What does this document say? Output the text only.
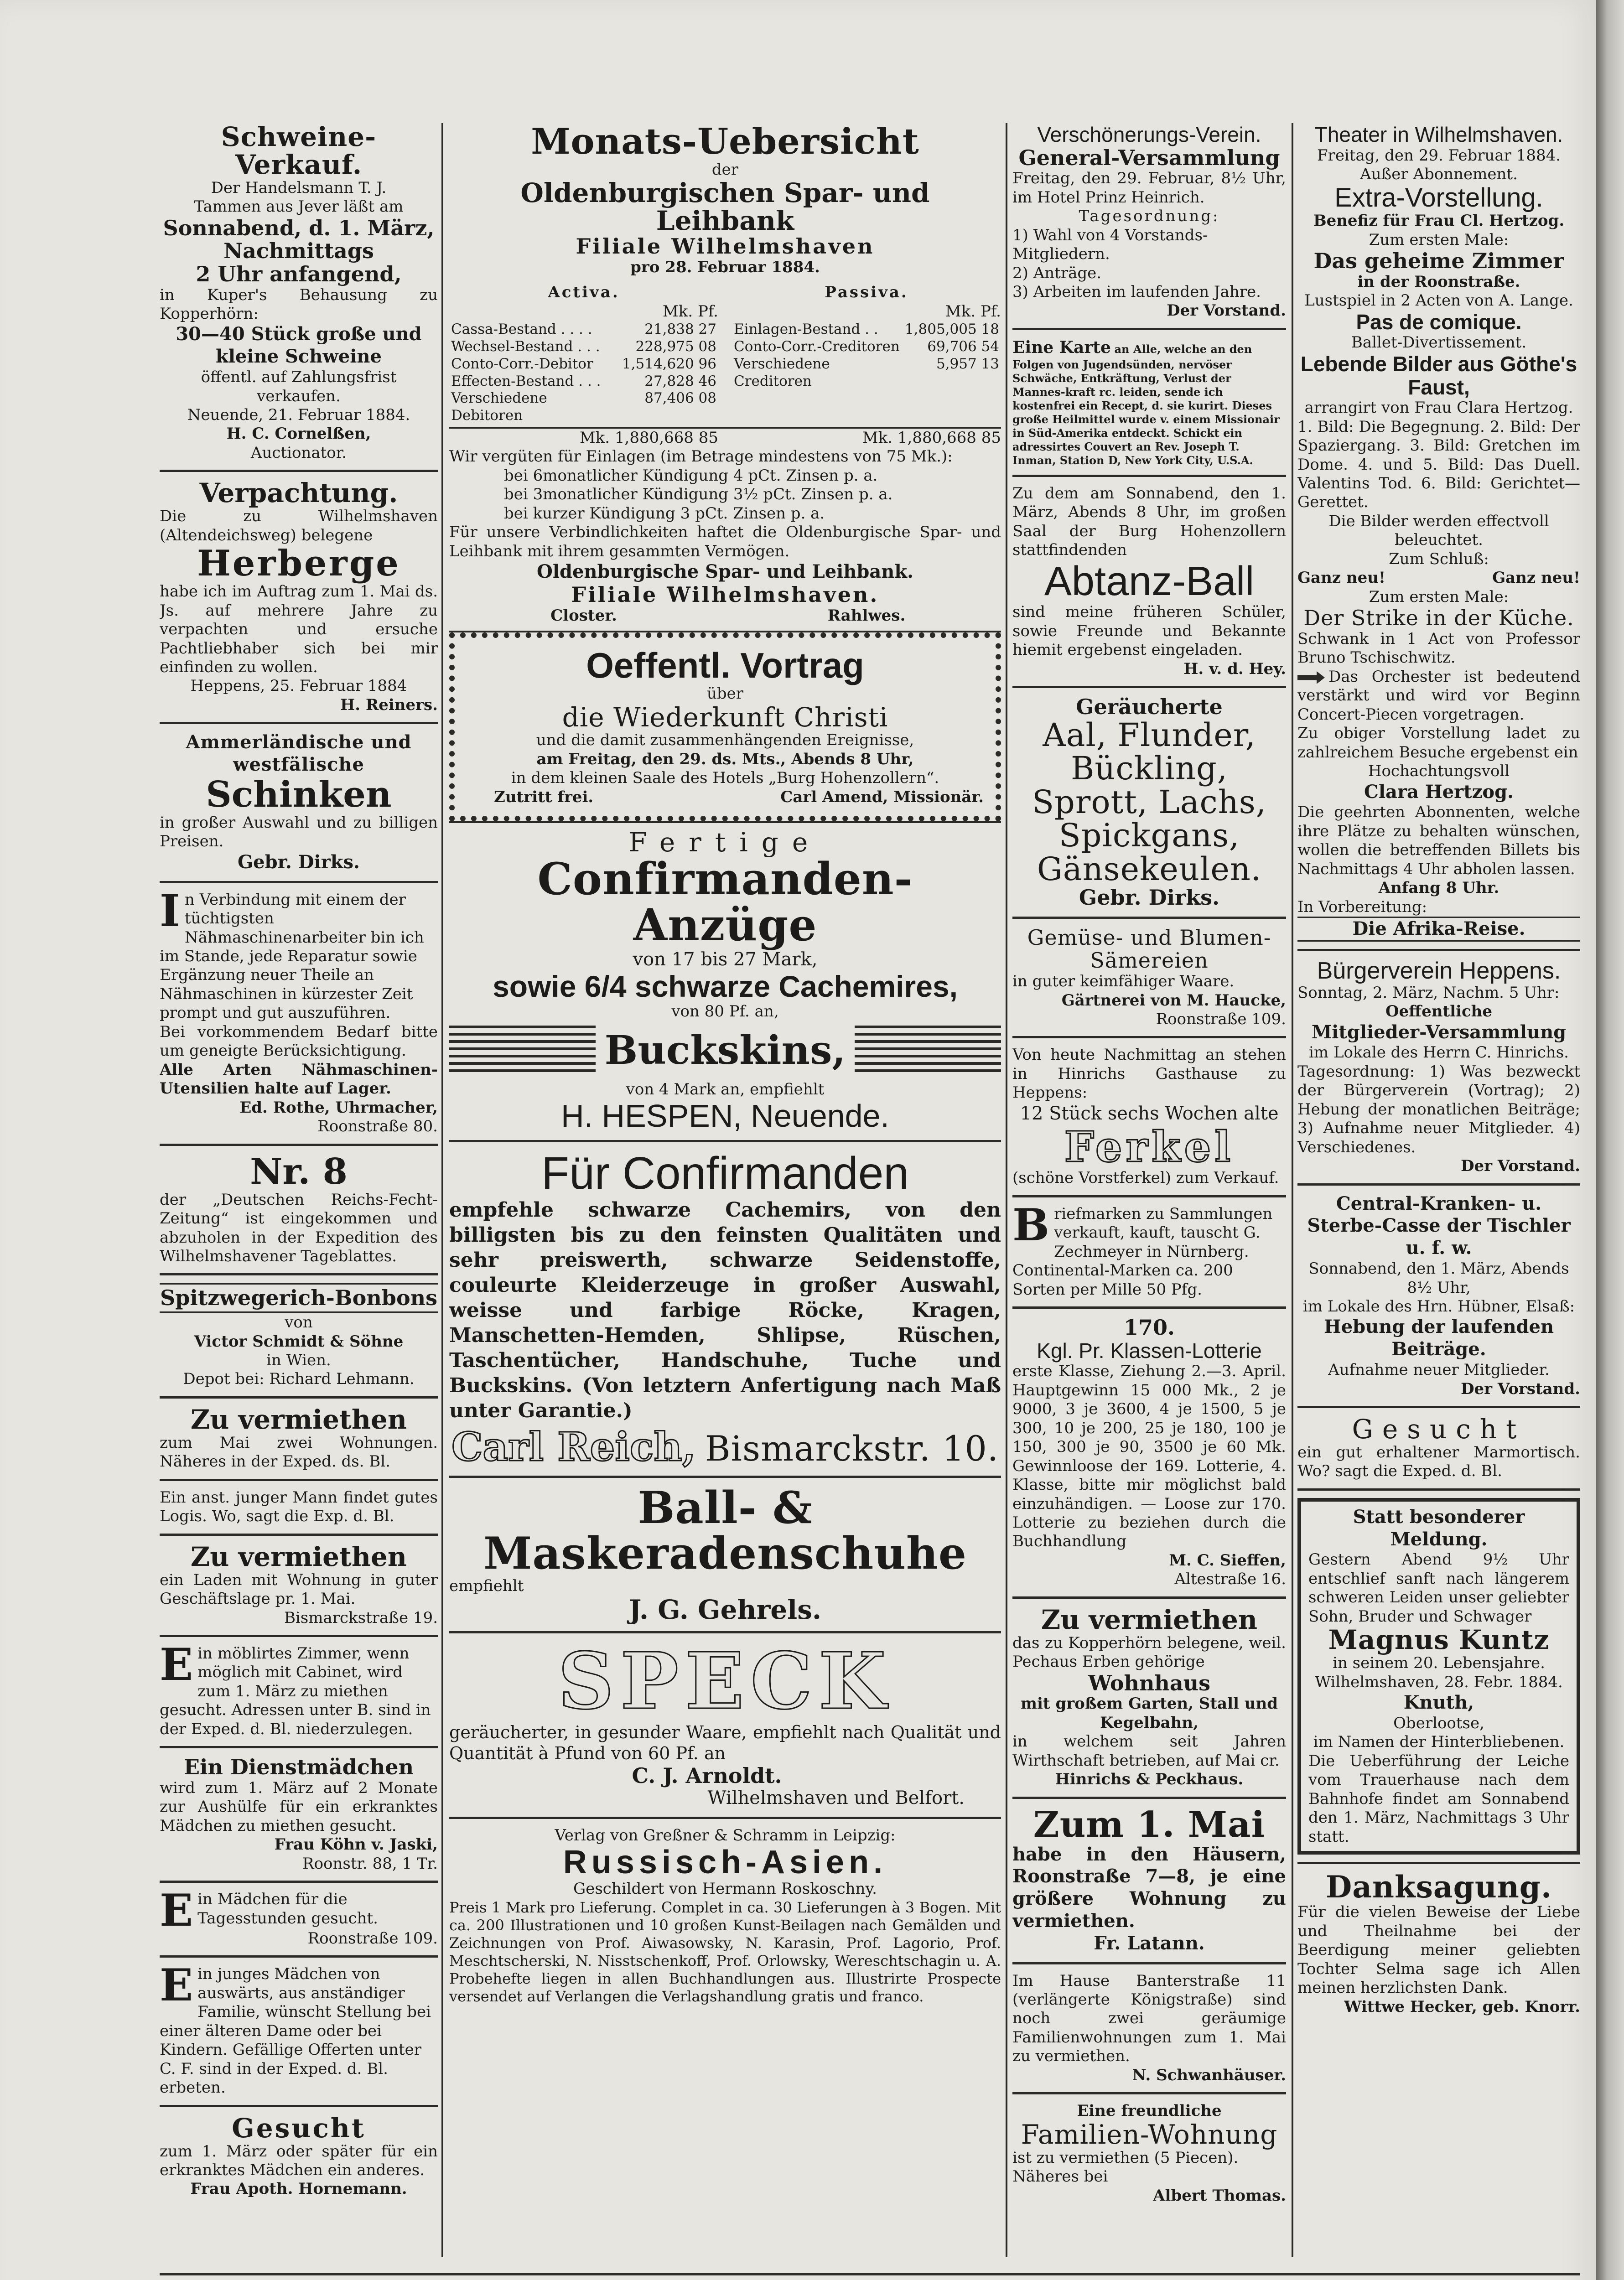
Schweine-Verkauf.
Der Handelsmann T. J.
Tammen aus Jever läßt am
Sonnabend, d. 1. März,
Nachmittags
2 Uhr anfangend,
in Kuper's Behausung zu Kopperhörn:
30—40 Stück große und kleine Schweine
öffentl. auf Zahlungsfrist verkaufen.
Neuende, 21. Februar 1884.
H. C. Cornelßen,
Auctionator.
Verpachtung.
Die zu Wilhelmshaven (Altendeichsweg) belegene
Herberge
habe ich im Auftrag zum 1. Mai ds. Js. auf mehrere Jahre zu verpachten und ersuche Pachtliebhaber sich bei mir einfinden zu wollen.
Heppens, 25. Februar 1884
H. Reiners.
Ammerländische und westfälische
Schinken
in großer Auswahl und zu billigen Preisen.
Gebr. Dirks.
I n Verbindung mit einem der tüchtigsten Nähmaschinenarbeiter bin ich im Stande, jede Reparatur sowie Ergänzung neuer Theile an Nähmaschinen in kürzester Zeit prompt und gut auszuführen.
Bei vorkommendem Bedarf bitte um geneigte Berücksichtigung.
Alle Arten Nähmaschinen-Utensilien halte auf Lager.
Ed. Rothe, Uhrmacher,
Roonstraße 80.
Nr. 8
der „Deutschen Reichs-Fecht-Zeitung“ ist eingekommen und abzuholen in der Expedition des Wilhelmshavener Tageblattes.
Spitzwegerich-Bonbons
von
Victor Schmidt & Söhne
in Wien.
Depot bei: Richard Lehmann.
Zu vermiethen
zum Mai zwei Wohnungen. Näheres in der Exped. ds. Bl.
Ein anst. junger Mann findet gutes Logis. Wo, sagt die Exp. d. Bl.
Zu vermiethen
ein Laden mit Wohnung in guter Geschäftslage pr. 1. Mai.
Bismarckstraße 19.
E in möblirtes Zimmer, wenn möglich mit Cabinet, wird zum 1. März zu miethen gesucht. Adressen unter B. sind in der Exped. d. Bl. niederzulegen.
Ein Dienstmädchen
wird zum 1. März auf 2 Monate zur Aushülfe für ein erkranktes Mädchen zu miethen gesucht.
Frau Köhn v. Jaski,
Roonstr. 88, 1 Tr.
E in Mädchen für die Tagesstunden gesucht.
Roonstraße 109.
E in junges Mädchen von auswärts, aus anständiger Familie, wünscht Stellung bei einer älteren Dame oder bei Kindern. Gefällige Offerten unter C. F. sind in der Exped. d. Bl. erbeten.
Gesucht
zum 1. März oder später für ein erkranktes Mädchen ein anderes.
Frau Apoth. Hornemann.
Monats-Uebersicht
der
Oldenburgischen Spar- und Leihbank
Filiale Wilhelmshaven
pro 28. Februar 1884.
Activa.
Mk. Pf.
Cassa-Bestand . . . .	21,838 27
Wechsel-Bestand . . .	228,975 08
Conto-Corr.-Debitor	1,514,620 96
Effecten-Bestand . . .	27,828 46
Verschiedene Debitoren	87,406 08
Passiva.
Mk. Pf.
Einlagen-Bestand . .	1,805,005 18
Conto-Corr.-Creditoren	69,706 54
Verschiedene Creditoren	5,957 13
Mk. 1,880,668 85	Mk. 1,880,668 85
Wir vergüten für Einlagen (im Betrage mindestens von 75 Mk.):
bei 6monatlicher Kündigung 4 pCt. Zinsen p. a.
bei 3monatlicher Kündigung 3½ pCt. Zinsen p. a.
bei kurzer Kündigung 3 pCt. Zinsen p. a.
Für unsere Verbindlichkeiten haftet die Oldenburgische Spar- und Leihbank mit ihrem gesammten Vermögen.
Oldenburgische Spar- und Leihbank.
Filiale Wilhelmshaven.
Closter.	Rahlwes.
Oeffentl. Vortrag
über
die Wiederkunft Christi
und die damit zusammenhängenden Ereignisse,
am Freitag, den 29. ds. Mts., Abends 8 Uhr,
in dem kleinen Saale des Hotels „Burg Hohenzollern“.
Zutritt frei.	Carl Amend, Missionär.
Fertige
Confirmanden-Anzüge
von 17 bis 27 Mark,
sowie 6/4 schwarze Cachemires,
von 80 Pf. an,
Buckskins,
von 4 Mark an, empfiehlt
H. HESPEN, Neuende.
Für Confirmanden
empfehle schwarze Cachemirs, von den billigsten bis zu den feinsten Qualitäten und sehr preiswerth, schwarze Seidenstoffe, couleurte Kleiderzeuge in großer Auswahl, weisse und farbige Röcke, Kragen, Manschetten-Hemden, Shlipse, Rüschen, Taschentücher, Handschuhe, Tuche und Buckskins. (Von letztern Anfertigung nach Maß unter Garantie.)
Carl Reich, Bismarckstr. 10.
Ball- & Maskeradenschuhe
empfiehlt
J. G. Gehrels.
SPECK
geräucherter, in gesunder Waare, empfiehlt nach Qualität und Quantität à Pfund von 60 Pf. an
C. J. Arnoldt.
Wilhelmshaven und Belfort.
Verlag von Greßner & Schramm in Leipzig:
Russisch-Asien.
Geschildert von Hermann Roskoschny.
Preis 1 Mark pro Lieferung. Complet in ca. 30 Lieferungen à 3 Bogen. Mit ca. 200 Illustrationen und 10 großen Kunst-Beilagen nach Gemälden und Zeichnungen von Prof. Aiwasowsky, N. Karasin, Prof. Lagorio, Prof. Meschtscherski, N. Nisstschenkoff, Prof. Orlowsky, Wereschtschagin u. A. Probehefte liegen in allen Buchhandlungen aus. Illustrirte Prospecte versendet auf Verlangen die Verlagshandlung gratis und franco.
Verschönerungs-Verein.
General-Versammlung
Freitag, den 29. Februar, 8½ Uhr, im Hotel Prinz Heinrich.
Tagesordnung:
1) Wahl von 4 Vorstands-Mitgliedern.
2) Anträge.
3) Arbeiten im laufenden Jahre.
Der Vorstand.
Eine Karte an Alle, welche an den Folgen von Jugendsünden, nervöser Schwäche, Entkräftung, Verlust der Mannes-kraft rc. leiden, sende ich kostenfrei ein Recept, d. sie kurirt. Dieses große Heilmittel wurde v. einem Missionair in Süd-Amerika entdeckt. Schickt ein adressirtes Couvert an Rev. Joseph T. Inman, Station D, New York City, U.S.A.
Zu dem am Sonnabend, den 1. März, Abends 8 Uhr, im großen Saal der Burg Hohenzollern stattfindenden
Abtanz-Ball
sind meine früheren Schüler, sowie Freunde und Bekannte hiemit ergebenst eingeladen.
H. v. d. Hey.
Geräucherte
Aal, Flunder, Bückling, Sprott, Lachs, Spickgans, Gänsekeulen.
Gebr. Dirks.
Gemüse- und Blumen-Sämereien
in guter keimfähiger Waare.
Gärtnerei von M. Haucke,
Roonstraße 109.
Von heute Nachmittag an stehen in Hinrichs Gasthause zu Heppens:
12 Stück sechs Wochen alte
Ferkel
(schöne Vorstferkel) zum Verkauf.
B riefmarken zu Sammlungen verkauft, kauft, tauscht G. Zechmeyer in Nürnberg. Continental-Marken ca. 200 Sorten per Mille 50 Pfg.
170.
Kgl. Pr. Klassen-Lotterie
erste Klasse, Ziehung 2.—3. April. Hauptgewinn 15 000 Mk., 2 je 9000, 3 je 3600, 4 je 1500, 5 je 300, 10 je 200, 25 je 180, 100 je 150, 300 je 90, 3500 je 60 Mk. Gewinnloose der 169. Lotterie, 4. Klasse, bitte mir möglichst bald einzuhändigen. — Loose zur 170. Lotterie zu beziehen durch die Buchhandlung
M. C. Sieffen,
Altestraße 16.
Zu vermiethen
das zu Kopperhörn belegene, weil. Pechaus Erben gehörige
Wohnhaus
mit großem Garten, Stall und Kegelbahn,
in welchem seit Jahren Wirthschaft betrieben, auf Mai cr.
Hinrichs & Peckhaus.
Zum 1. Mai
habe in den Häusern, Roonstraße 7—8, je eine größere Wohnung zu vermiethen.
Fr. Latann.
Im Hause Banterstraße 11 (verlängerte Königstraße) sind noch zwei geräumige Familienwohnungen zum 1. Mai zu vermiethen.
N. Schwanhäuser.
Eine freundliche
Familien-Wohnung
ist zu vermiethen (5 Piecen).
Näheres bei
Albert Thomas.
Theater in Wilhelmshaven.
Freitag, den 29. Februar 1884.
Außer Abonnement.
Extra-Vorstellung.
Benefiz für Frau Cl. Hertzog.
Zum ersten Male:
Das geheime Zimmer
in der Roonstraße.
Lustspiel in 2 Acten von A. Lange.
Pas de comique.
Ballet-Divertissement.
Lebende Bilder aus Göthe's Faust,
arrangirt von Frau Clara Hertzog.
1. Bild: Die Begegnung. 2. Bild: Der Spaziergang. 3. Bild: Gretchen im Dome. 4. und 5. Bild: Das Duell. Valentins Tod. 6. Bild: Gerichtet—Gerettet.
Die Bilder werden effectvoll beleuchtet.
Zum Schluß:
Ganz neu!	Ganz neu!
Zum ersten Male:
Der Strike in der Küche.
Schwank in 1 Act von Professor Bruno Tschischwitz.
Das Orchester ist bedeutend verstärkt und wird vor Beginn Concert-Piecen vorgetragen.
Zu obiger Vorstellung ladet zu zahlreichem Besuche ergebenst ein
Hochachtungsvoll
Clara Hertzog.
Die geehrten Abonnenten, welche ihre Plätze zu behalten wünschen, wollen die betreffenden Billets bis Nachmittags 4 Uhr abholen lassen.
Anfang 8 Uhr.
In Vorbereitung:
Die Afrika-Reise.
Bürgerverein Heppens.
Sonntag, 2. März, Nachm. 5 Uhr:
Oeffentliche
Mitglieder-Versammlung
im Lokale des Herrn C. Hinrichs.
Tagesordnung: 1) Was bezweckt der Bürgerverein (Vortrag); 2) Hebung der monatlichen Beiträge; 3) Aufnahme neuer Mitglieder. 4) Verschiedenes.
Der Vorstand.
Central-Kranken- u. Sterbe-Casse der Tischler u. f. w.
Sonnabend, den 1. März, Abends 8½ Uhr,
im Lokale des Hrn. Hübner, Elsaß:
Hebung der laufenden Beiträge.
Aufnahme neuer Mitglieder.
Der Vorstand.
Gesucht
ein gut erhaltener Marmortisch. Wo? sagt die Exped. d. Bl.
Statt besonderer Meldung.
Gestern Abend 9½ Uhr entschlief sanft nach längerem schweren Leiden unser geliebter Sohn, Bruder und Schwager
Magnus Kuntz
in seinem 20. Lebensjahre.
Wilhelmshaven, 28. Febr. 1884.
Knuth,
Oberlootse,
im Namen der Hinterbliebenen.
Die Ueberführung der Leiche vom Trauerhause nach dem Bahnhofe findet am Sonnabend den 1. März, Nachmittags 3 Uhr statt.
Danksagung.
Für die vielen Beweise der Liebe und Theilnahme bei der Beerdigung meiner geliebten Tochter Selma sage ich Allen meinen herzlichsten Dank.
Wittwe Hecker, geb. Knorr.
